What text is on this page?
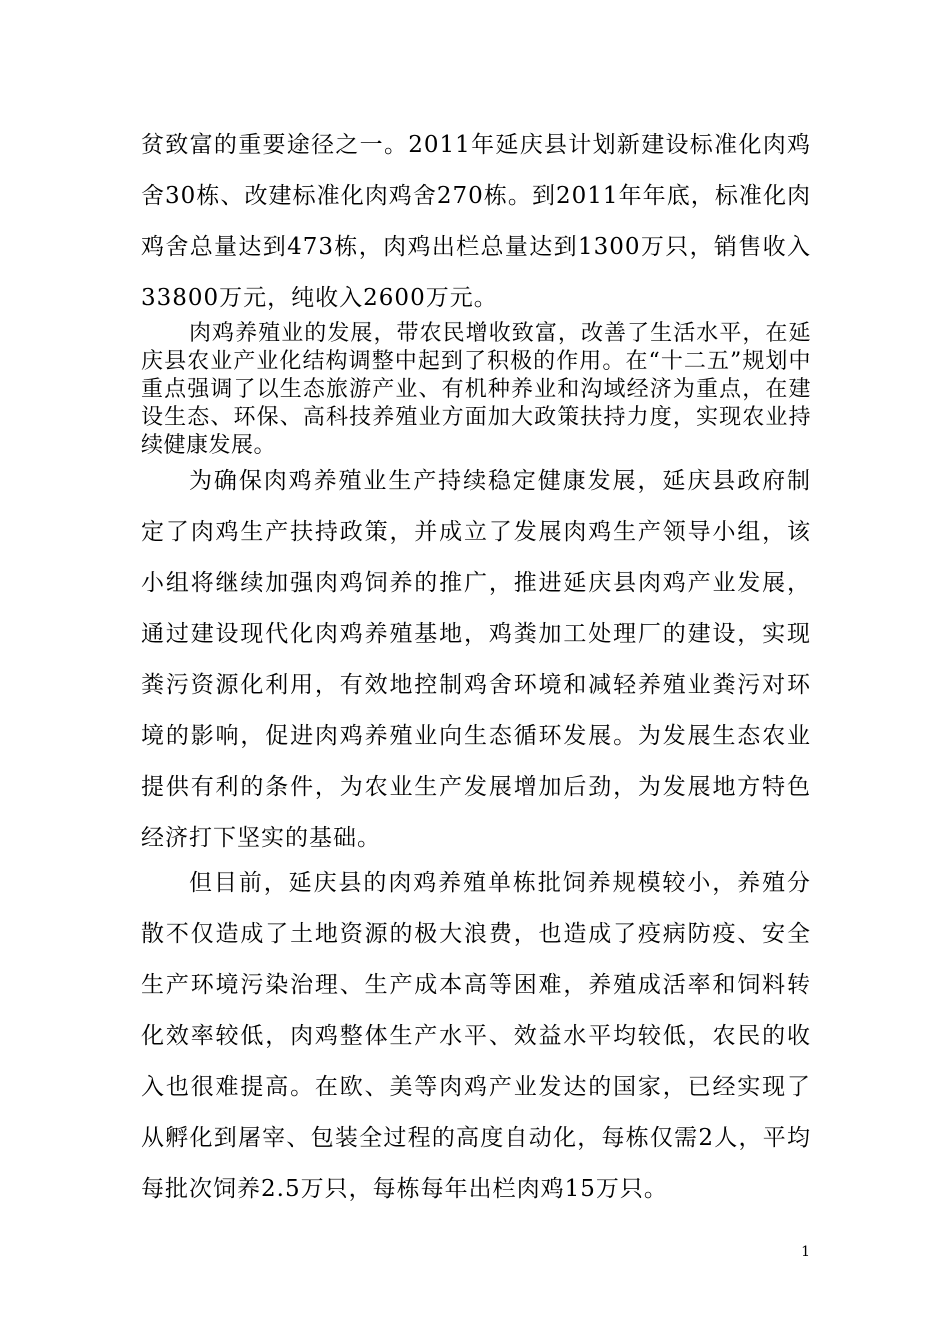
贫致富的重要途径之一。2011年延庆县计划新建设标准化肉鸡舍30栋、改建标准化肉鸡舍270栋。到2011年年底，标准化肉鸡舍总量达到473栋，肉鸡出栏总量达到1300万只，销售收入33800万元，纯收入2600万元。

肉鸡养殖业的发展，带农民增收致富，改善了生活水平，在延庆县农业产业化结构调整中起到了积极的作用。在“十二五”规划中重点强调了以生态旅游产业、有机种养业和沟域经济为重点，在建设生态、环保、高科技养殖业方面加大政策扶持力度，实现农业持续健康发展。

为确保肉鸡养殖业生产持续稳定健康发展，延庆县政府制定了肉鸡生产扶持政策，并成立了发展肉鸡生产领导小组，该小组将继续加强肉鸡饲养的推广，推进延庆县肉鸡产业发展，通过建设现代化肉鸡养殖基地，鸡粪加工处理厂的建设，实现粪污资源化利用，有效地控制鸡舍环境和减轻养殖业粪污对环境的影响，促进肉鸡养殖业向生态循环发展。为发展生态农业提供有利的条件，为农业生产发展增加后劲，为发展地方特色经济打下坚实的基础。

但目前，延庆县的肉鸡养殖单栋批饲养规模较小，养殖分散不仅造成了土地资源的极大浪费，也造成了疫病防疫、安全生产环境污染治理、生产成本高等困难，养殖成活率和饲料转化效率较低，肉鸡整体生产水平、效益水平均较低，农民的收入也很难提高。在欧、美等肉鸡产业发达的国家，已经实现了从孵化到屠宰、包装全过程的高度自动化，每栋仅需2人，平均每批次饲养2.5万只，每栋每年出栏肉鸡15万只。

1
